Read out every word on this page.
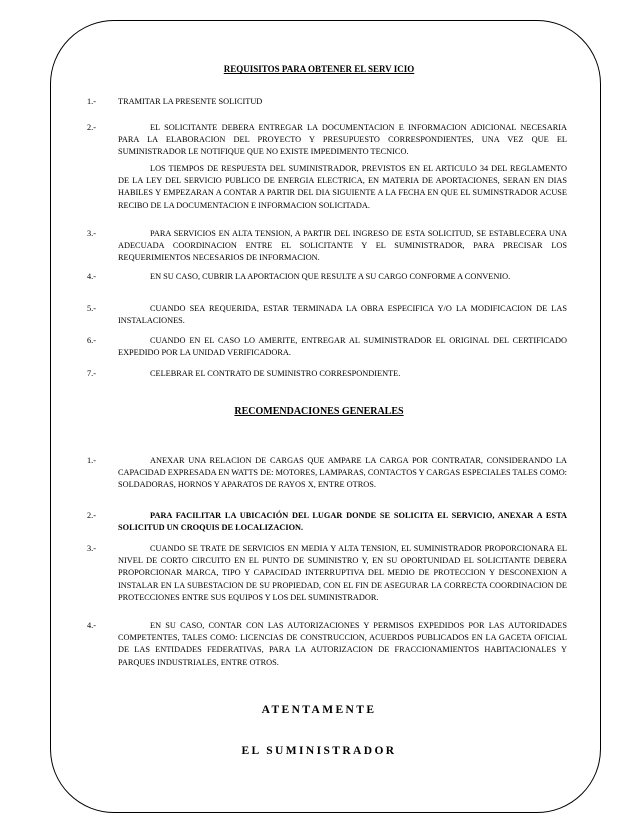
REQUISITOS PARA OBTENER EL SERV ICIO
1.-	TRAMITAR LA PRESENTE SOLICITUD
2.-	EL SOLICITANTE DEBERA ENTREGAR LA DOCUMENTACION E INFORMACION ADICIONAL NECESARIA PARA LA ELABORACION DEL PROYECTO Y PRESUPUESTO CORRESPONDIENTES, UNA VEZ QUE EL SUMINISTRADOR LE NOTIFIQUE QUE NO EXISTE IMPEDIMENTO TECNICO.
LOS TIEMPOS DE RESPUESTA DEL SUMINISTRADOR, PREVISTOS EN EL ARTICULO 34 DEL REGLAMENTO DE LA LEY DEL SERVICIO PUBLICO DE ENERGIA ELECTRICA, EN MATERIA DE APORTACIONES, SERAN EN DIAS HABILES Y EMPEZARAN A CONTAR A PARTIR DEL DIA SIGUIENTE A LA FECHA EN QUE EL SUMINSTRADOR ACUSE RECIBO DE LA DOCUMENTACION E INFORMACION SOLICITADA.
3.-	PARA SERVICIOS EN ALTA TENSION, A PARTIR DEL INGRESO DE ESTA SOLICITUD, SE ESTABLECERA UNA ADECUADA COORDINACION ENTRE EL SOLICITANTE Y EL SUMINISTRADOR, PARA PRECISAR LOS REQUERIMIENTOS NECESARIOS DE INFORMACION.
4.-	EN SU CASO, CUBRIR LA APORTACION QUE RESULTE A SU CARGO CONFORME A CONVENIO.
5.-	CUANDO SEA REQUERIDA, ESTAR TERMINADA LA OBRA ESPECIFICA Y/O LA MODIFICACION DE LAS INSTALACIONES.
6.-	CUANDO EN EL CASO LO AMERITE, ENTREGAR AL SUMINISTRADOR EL ORIGINAL DEL CERTIFICADO EXPEDIDO POR LA UNIDAD VERIFICADORA.
7.-	CELEBRAR EL CONTRATO DE SUMINISTRO CORRESPONDIENTE.
RECOMENDACIONES GENERALES
1.-	ANEXAR UNA RELACION DE CARGAS QUE AMPARE LA CARGA POR CONTRATAR, CONSIDERANDO LA CAPACIDAD EXPRESADA EN WATTS DE: MOTORES, LAMPARAS, CONTACTOS Y CARGAS ESPECIALES TALES COMO: SOLDADORAS, HORNOS Y APARATOS DE RAYOS X, ENTRE OTROS.
2.-	PARA FACILITAR LA UBICACIÓN DEL LUGAR DONDE SE SOLICITA EL SERVICIO, ANEXAR A ESTA SOLICITUD UN CROQUIS DE LOCALIZACION.
3.-	CUANDO SE TRATE DE SERVICIOS EN MEDIA Y ALTA TENSION, EL SUMINISTRADOR PROPORCIONARA EL NIVEL DE CORTO CIRCUITO EN EL PUNTO DE SUMINISTRO Y, EN SU OPORTUNIDAD EL SOLICITANTE DEBERA PROPORCIONAR MARCA, TIPO Y CAPACIDAD INTERRUPTIVA DEL MEDIO DE PROTECCION Y DESCONEXION A INSTALAR EN LA SUBESTACION DE SU PROPIEDAD, CON EL FIN DE ASEGURAR LA CORRECTA COORDINACION DE PROTECCIONES ENTRE SUS EQUIPOS Y LOS DEL SUMINISTRADOR.
4.-	EN SU CASO, CONTAR CON LAS AUTORIZACIONES Y PERMISOS EXPEDIDOS POR LAS AUTORIDADES COMPETENTES, TALES COMO: LICENCIAS DE CONSTRUCCION, ACUERDOS PUBLICADOS EN LA GACETA OFICIAL DE LAS ENTIDADES FEDERATIVAS, PARA LA AUTORIZACION DE FRACCIONAMIENTOS HABITACIONALES Y PARQUES INDUSTRIALES, ENTRE OTROS.
ATENTAMENTE
EL SUMINISTRADOR
